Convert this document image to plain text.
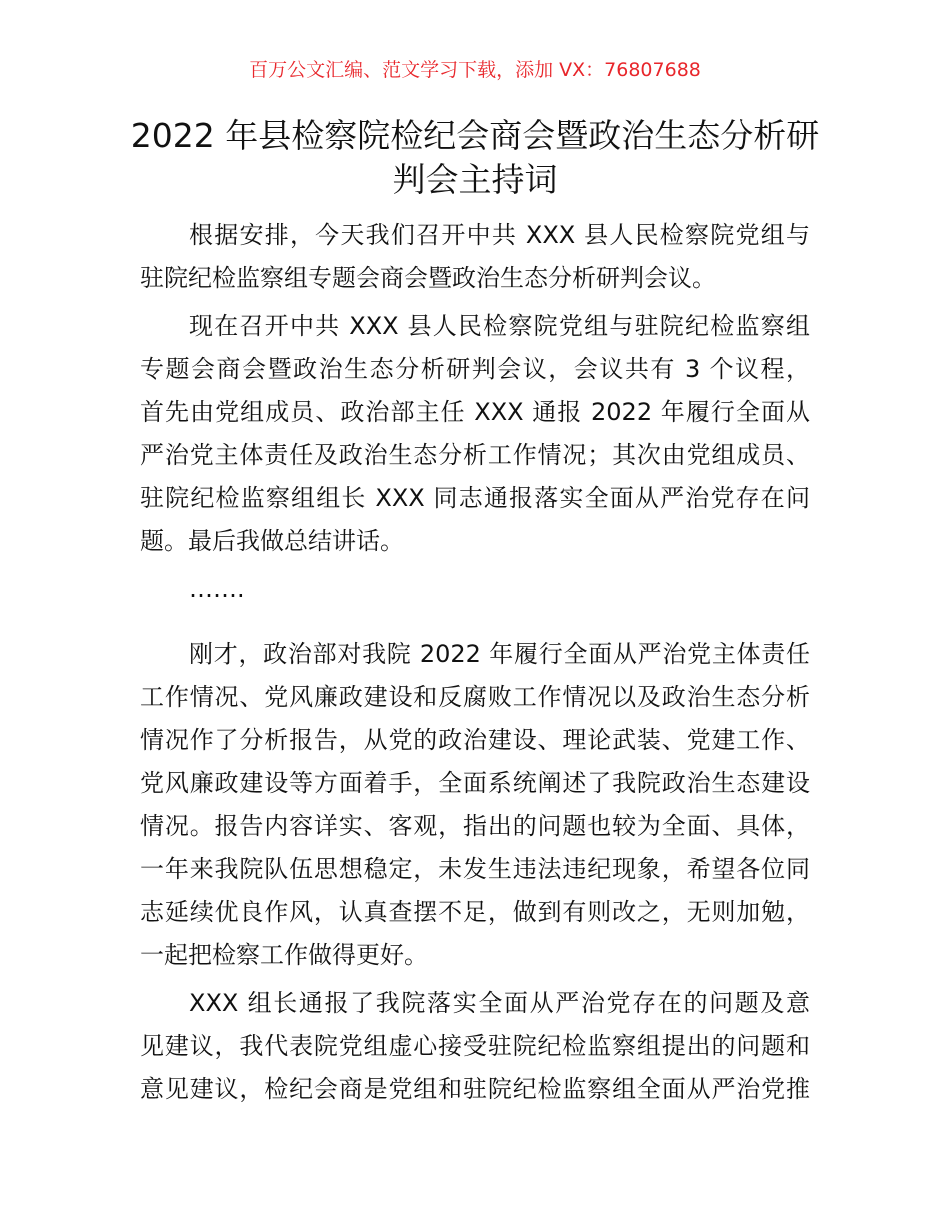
百万公文汇编、范文学习下载，添加 VX：76807688
2022 年县检察院检纪会商会暨政治生态分析研
判会主持词
根据安排，今天我们召开中共 XXX 县人民检察院党组与
驻院纪检监察组专题会商会暨政治生态分析研判会议。
现在召开中共 XXX 县人民检察院党组与驻院纪检监察组
专题会商会暨政治生态分析研判会议，会议共有 3 个议程，
首先由党组成员、政治部主任 XXX 通报 2022 年履行全面从
严治党主体责任及政治生态分析工作情况；其次由党组成员、
驻院纪检监察组组长 XXX 同志通报落实全面从严治党存在问
题。最后我做总结讲话。
…….
刚才，政治部对我院 2022 年履行全面从严治党主体责任
工作情况、党风廉政建设和反腐败工作情况以及政治生态分析
情况作了分析报告，从党的政治建设、理论武装、党建工作、
党风廉政建设等方面着手，全面系统阐述了我院政治生态建设
情况。报告内容详实、客观，指出的问题也较为全面、具体，
一年来我院队伍思想稳定，未发生违法违纪现象，希望各位同
志延续优良作风，认真查摆不足，做到有则改之，无则加勉，
一起把检察工作做得更好。
XXX 组长通报了我院落实全面从严治党存在的问题及意
见建议，我代表院党组虚心接受驻院纪检监察组提出的问题和
意见建议，检纪会商是党组和驻院纪检监察组全面从严治党推
